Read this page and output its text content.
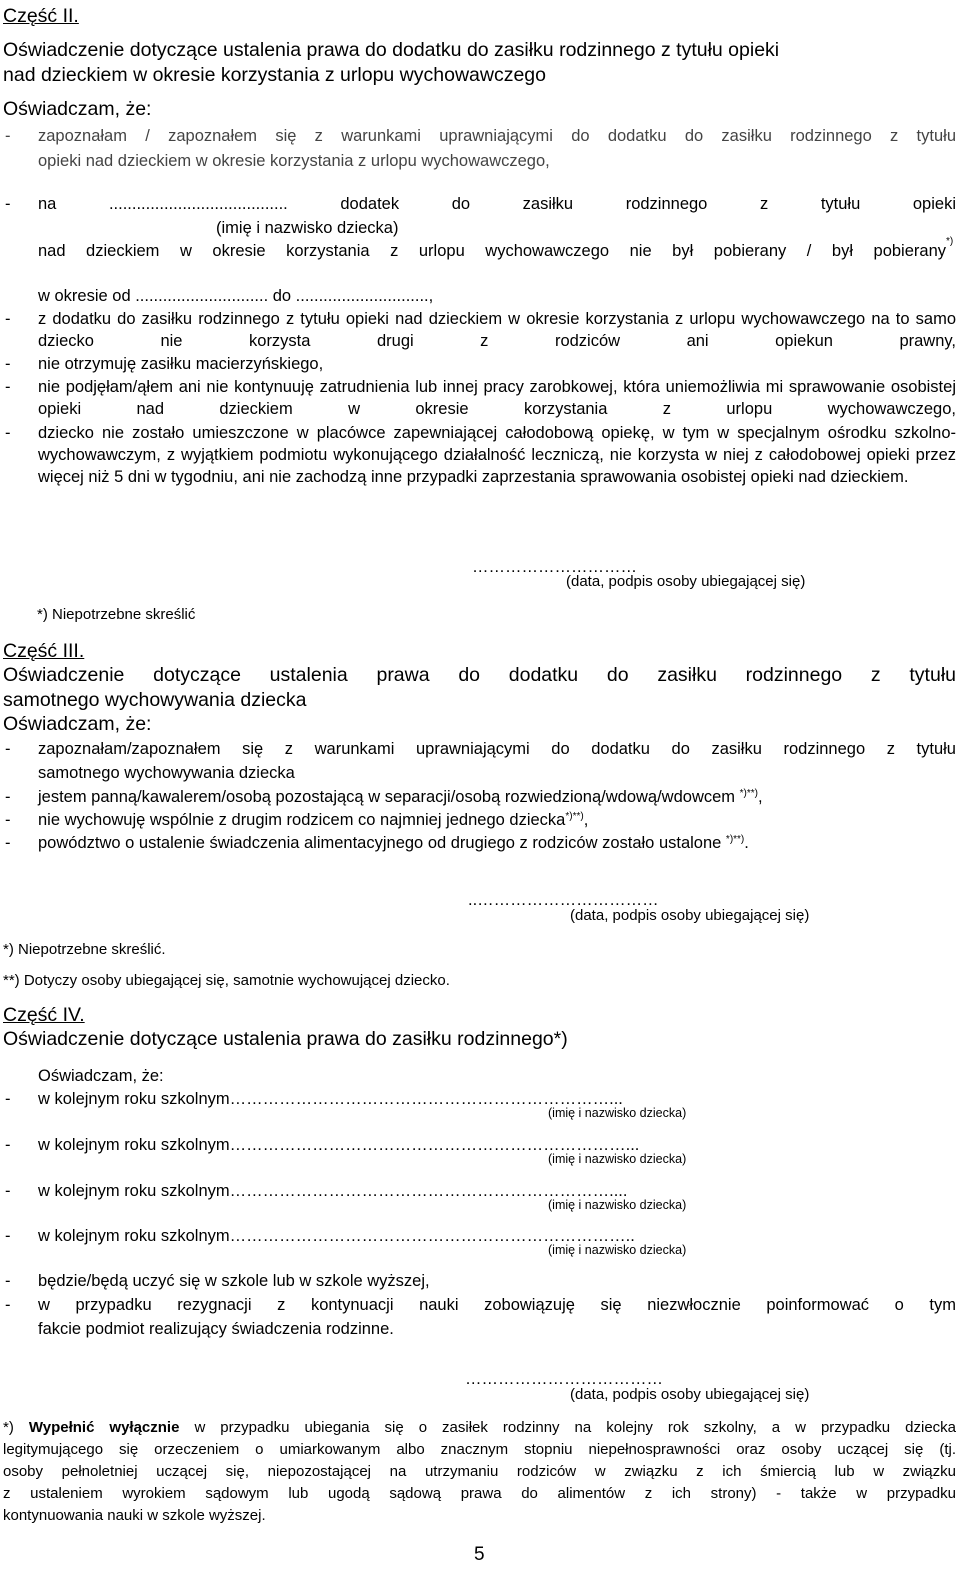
Część II.
Oświadczenie dotyczące ustalenia prawa do dodatku do zasiłku rodzinnego z tytułu opieki
nad dzieckiem w okresie korzystania z urlopu wychowawczego
Oświadczam, że:
- zapoznałam / zapoznałem się z warunkami uprawniającymi do dodatku do zasiłku rodzinnego z tytułu
opieki nad dzieckiem w okresie korzystania z urlopu wychowawczego,
- na ....................................... dodatek do zasiłku rodzinnego z tytułu opieki
(imię i nazwisko dziecka)
nad dzieckiem w okresie korzystania z urlopu wychowawczego nie był pobierany / był pobierany
*)
w okresie od ............................. do .............................,
- z dodatku do zasiłku rodzinnego z tytułu opieki nad dzieckiem w okresie korzystania z urlopu wychowawczego na to samo dziecko nie korzysta drugi z rodziców ani opiekun prawny,
- nie otrzymuję zasiłku macierzyńskiego,
- nie podjęłam/ąłem ani nie kontynuuję zatrudnienia lub innej pracy zarobkowej, która uniemożliwia mi sprawowanie osobistej opieki nad dzieckiem w okresie korzystania z urlopu wychowawczego,
- dziecko nie zostało umieszczone w placówce zapewniającej całodobową opiekę, w tym w specjalnym ośrodku szkolno-wychowawczym, z wyjątkiem podmiotu wykonującego działalność leczniczą, nie korzysta w niej z całodobowej opieki przez więcej niż 5 dni w tygodniu, ani nie zachodzą inne przypadki zaprzestania sprawowania osobistej opieki nad dzieckiem.
…………………………
(data, podpis osoby ubiegającej się)
*) Niepotrzebne skreślić
Część III.
Oświadczenie dotyczące ustalenia prawa do dodatku do zasiłku rodzinnego z tytułu
samotnego wychowywania dziecka
Oświadczam, że:
- zapoznałam/zapoznałem się z warunkami uprawniającymi do dodatku do zasiłku rodzinnego z tytułu
samotnego wychowywania dziecka
- jestem panną/kawalerem/osobą pozostającą w separacji/osobą rozwiedzioną/wdową/wdowcem *)**),
- nie wychowuję wspólnie z drugim rodzicem co najmniej jednego dziecka*)**),
- powództwo o ustalenie świadczenia alimentacyjnego od drugiego z rodziców zostało ustalone *)**).
..……………………………
(data, podpis osoby ubiegającej się)
*) Niepotrzebne skreślić.
**) Dotyczy osoby ubiegającej się, samotnie wychowującej dziecko.
Część IV.
Oświadczenie dotyczące ustalenia prawa do zasiłku rodzinnego*)
Oświadczam, że:
- w kolejnym roku szkolnym……………………………………………………………...
(imię i nazwisko dziecka)
- w kolejnym roku szkolnym………………………………………………………………...
(imię i nazwisko dziecka)
- w kolejnym roku szkolnym……………………………………………………………....
(imię i nazwisko dziecka)
- w kolejnym roku szkolnym………………………………………………………………..
(imię i nazwisko dziecka)
- będzie/będą uczyć się w szkole lub w szkole wyższej,
- w przypadku rezygnacji z kontynuacji nauki zobowiązuję się niezwłocznie poinformować o tym
fakcie podmiot realizujący świadczenia rodzinne.
………………………………
(data, podpis osoby ubiegającej się)
*) Wypełnić wyłącznie w przypadku ubiegania się o zasiłek rodzinny na kolejny rok szkolny, a w przypadku dziecka
legitymującego się orzeczeniem o umiarkowanym albo znacznym stopniu niepełnosprawności oraz osoby uczącej się (tj.
osoby pełnoletniej uczącej się, niepozostającej na utrzymaniu rodziców w związku z ich śmiercią lub w związku
z ustaleniem wyrokiem sądowym lub ugodą sądową prawa do alimentów z ich strony) - także w przypadku
kontynuowania nauki w szkole wyższej.
5
